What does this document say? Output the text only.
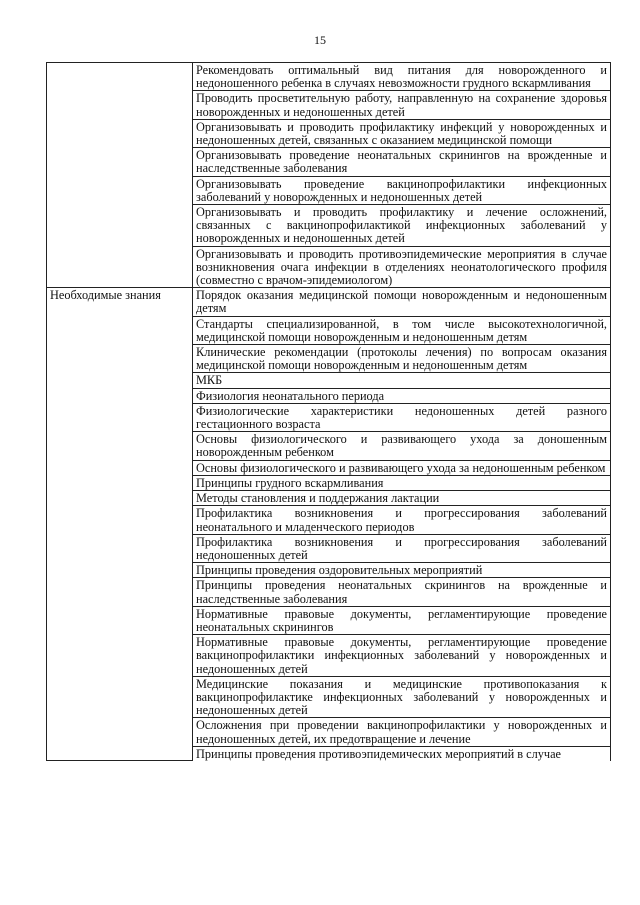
15
	Рекомендовать оптимальный вид питания для новорожденного и недоношенного ребенка в случаях невозможности грудного вскармливания
	Проводить просветительную работу, направленную на сохранение здоровья новорожденных и недоношенных детей
	Организовывать и проводить профилактику инфекций у новорожденных и недоношенных детей, связанных с оказанием медицинской помощи
	Организовывать проведение неонатальных скринингов на врожденные и наследственные заболевания
	Организовывать проведение вакцинопрофилактики инфекционных заболеваний у новорожденных и недоношенных детей
	Организовывать и проводить профилактику и лечение осложнений, связанных с вакцинопрофилактикой инфекционных заболеваний у новорожденных и недоношенных детей
	Организовывать и проводить противоэпидемические мероприятия в случае возникновения очага инфекции в отделениях неонатологического профиля (совместно с врачом-эпидемиологом)
Необходимые знания	Порядок оказания медицинской помощи новорожденным и недоношенным детям
	Стандарты специализированной, в том числе высокотехнологичной, медицинской помощи новорожденным и недоношенным детям
	Клинические рекомендации (протоколы лечения) по вопросам оказания медицинской помощи новорожденным и недоношенным детям
	МКБ
	Физиология неонатального периода
	Физиологические характеристики недоношенных детей разного гестационного возраста
	Основы физиологического и развивающего ухода за доношенным новорожденным ребенком
	Основы физиологического и развивающего ухода за недоношенным ребенком
	Принципы грудного вскармливания
	Методы становления и поддержания лактации
	Профилактика возникновения и прогрессирования заболеваний неонатального и младенческого периодов
	Профилактика возникновения и прогрессирования заболеваний недоношенных детей
	Принципы проведения оздоровительных мероприятий
	Принципы проведения неонатальных скринингов на врожденные и наследственные заболевания
	Нормативные правовые документы, регламентирующие проведение неонатальных скринингов
	Нормативные правовые документы, регламентирующие проведение вакцинопрофилактики инфекционных заболеваний у новорожденных и недоношенных детей
	Медицинские показания и медицинские противопоказания к вакцинопрофилактике инфекционных заболеваний у новорожденных и недоношенных детей
	Осложнения при проведении вакцинопрофилактики у новорожденных и недоношенных детей, их предотвращение и лечение
	Принципы проведения противоэпидемических мероприятий в случае
